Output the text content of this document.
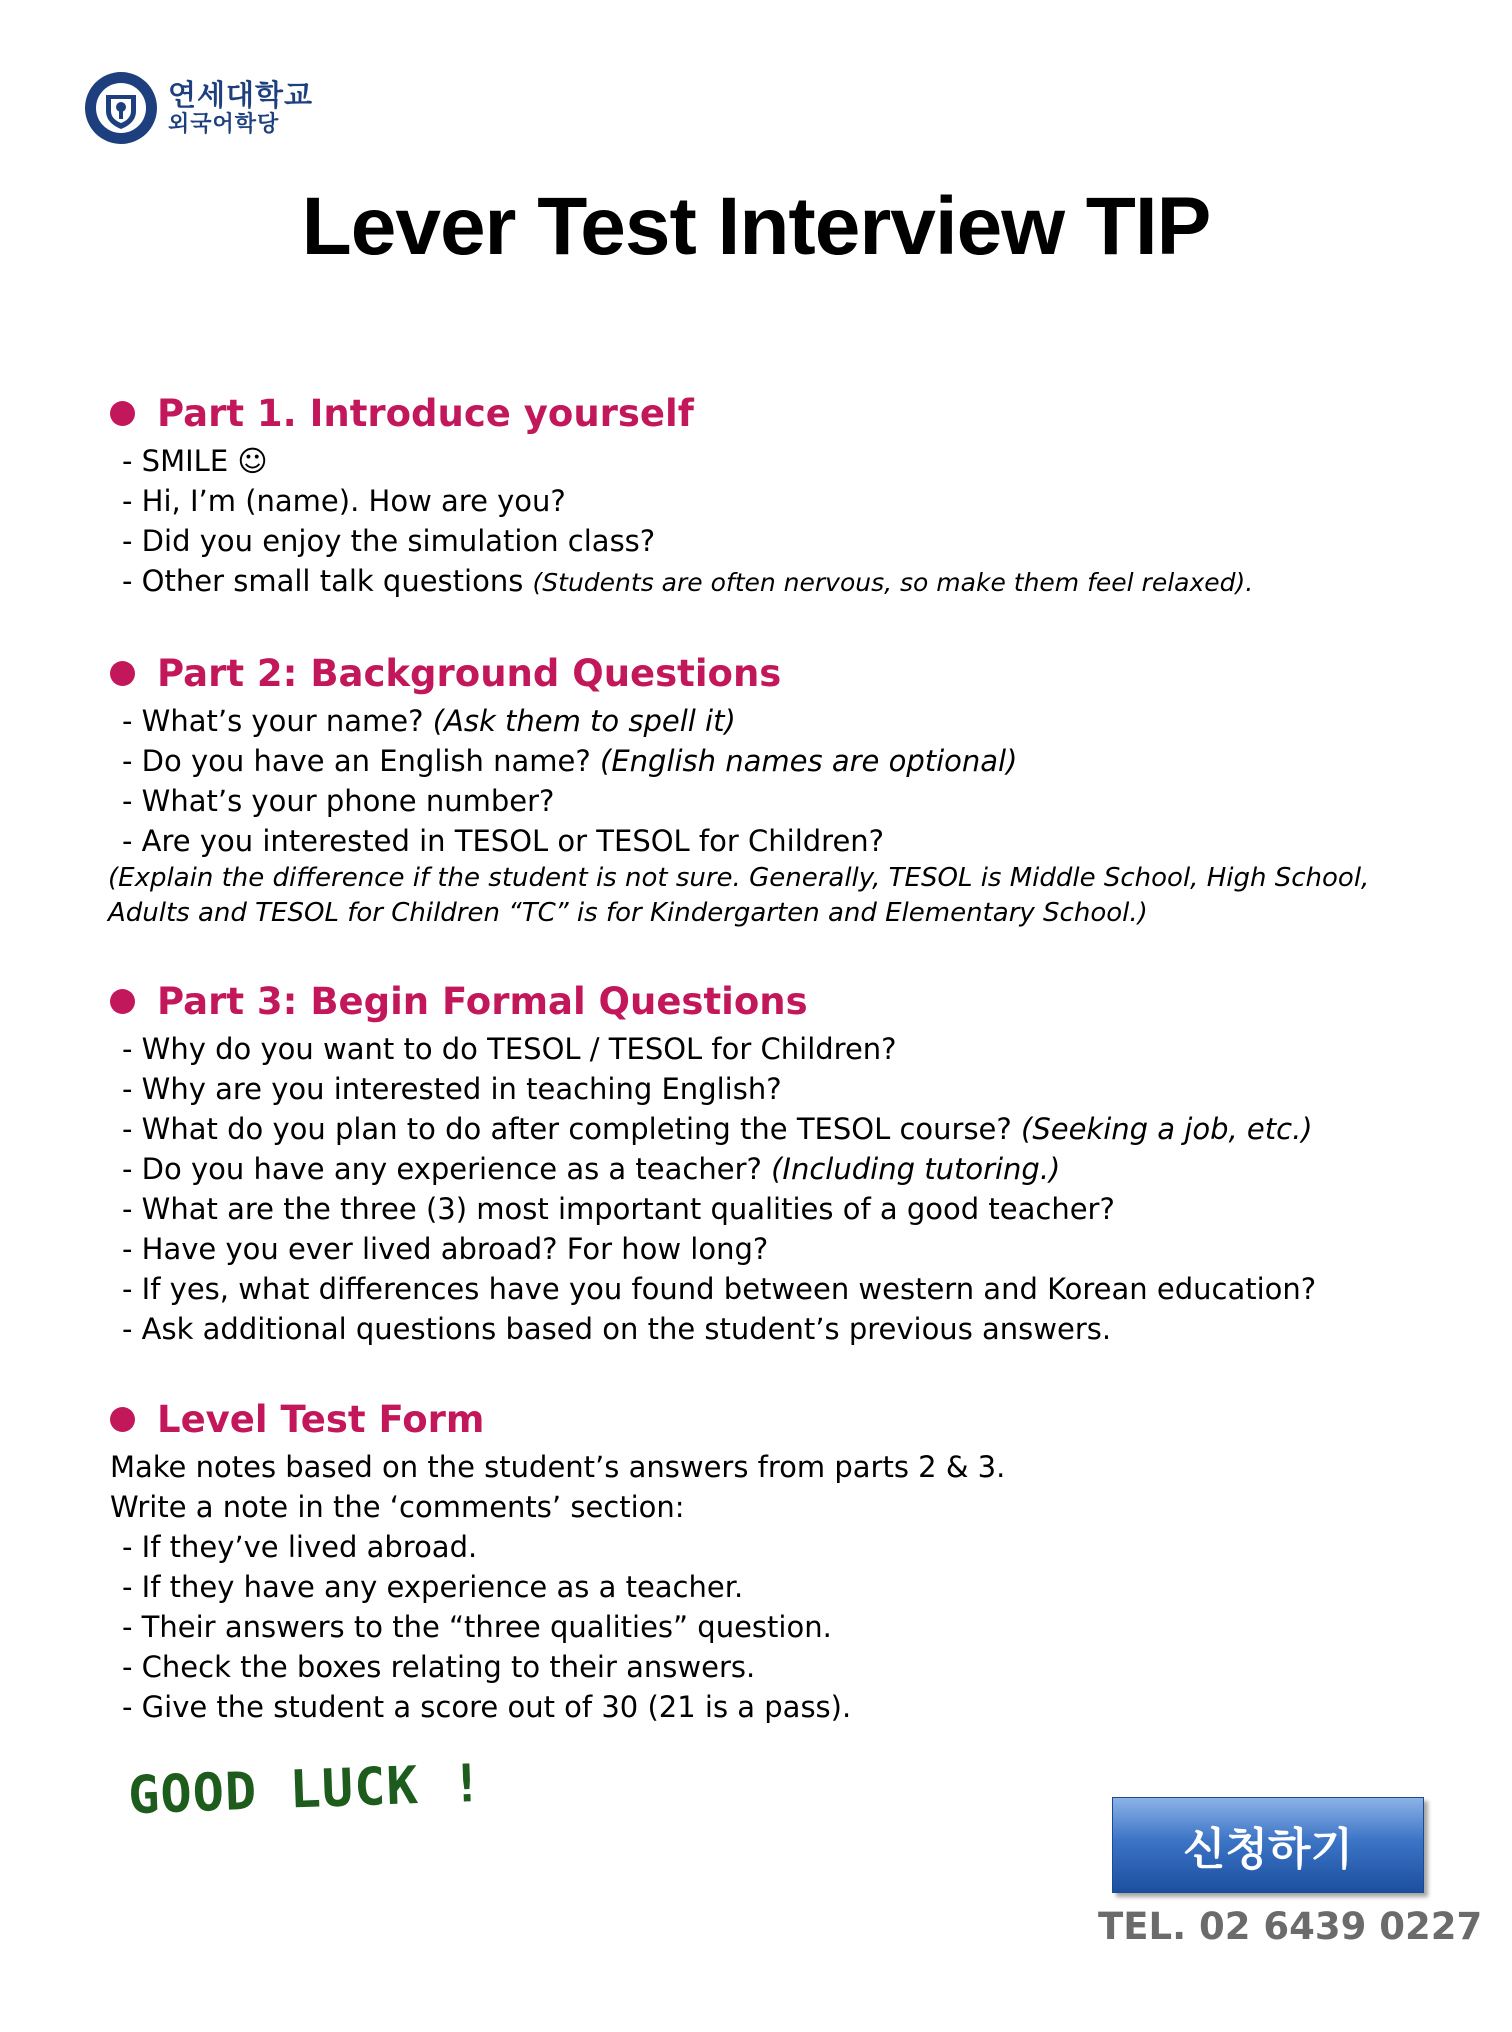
연세대학교
외국어학당
Lever Test Interview TIP
Part 1. Introduce yourself
- SMILE ☺
- Hi, I’m (name). How are you?
- Did you enjoy the simulation class?
- Other small talk questions (Students are often nervous, so make them feel relaxed).
Part 2: Background Questions
- What’s your name? (Ask them to spell it)
- Do you have an English name? (English names are optional)
- What’s your phone number?
- Are you interested in TESOL or TESOL for Children?
(Explain the difference if the student is not sure. Generally, TESOL is Middle School, High School,
Adults and TESOL for Children “TC” is for Kindergarten and Elementary School.)
Part 3: Begin Formal Questions
- Why do you want to do TESOL / TESOL for Children?
- Why are you interested in teaching English?
- What do you plan to do after completing the TESOL course? (Seeking a job, etc.)
- Do you have any experience as a teacher? (Including tutoring.)
- What are the three (3) most important qualities of a good teacher?
- Have you ever lived abroad? For how long?
- If yes, what differences have you found between western and Korean education?
- Ask additional questions based on the student’s previous answers.
Level Test Form
Make notes based on the student’s answers from parts 2 & 3.
Write a note in the ‘comments’ section:
- If they’ve lived abroad.
- If they have any experience as a teacher.
- Their answers to the “three qualities” question.
- Check the boxes relating to their answers.
- Give the student a score out of 30 (21 is a pass).
GOOD LUCK !
신청하기
TEL. 02 6439 0227
